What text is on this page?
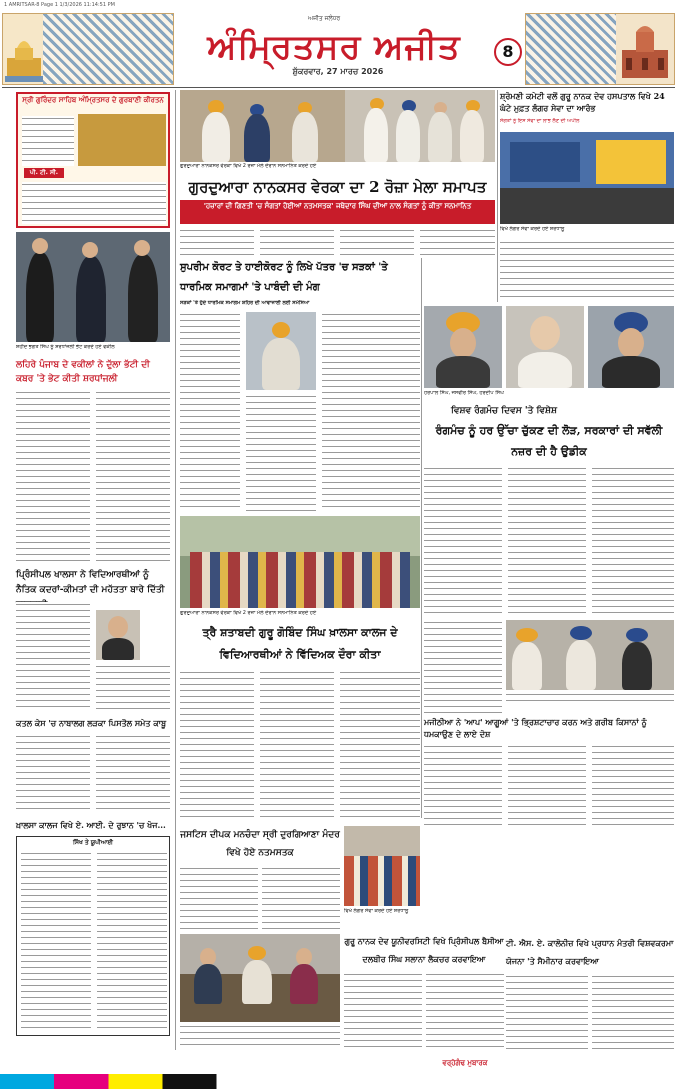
1 AMRITSAR-8 Page 1 1/3/2026 11:14:51 PM
ਅਜੀਤ ਜਲੰਧਰ
ਅੰਮ੍ਰਿਤਸਰ ਅਜੀਤ
ਸ਼ੁੱਕਰਵਾਰ, 27 ਮਾਰਚ 2026
8
ਸ੍ਰੀ ਗੁਰਿੰਦਰ ਸਾਹਿਬ ਅੰਮ੍ਰਿਤਸਰ ਦੇ ਗੁਰਬਾਣੀ ਕੀਰਤਨ
ਪੀ. ਟੀ. ਸੀ.
ਗੁਰਦੁਆਰਾ ਨਾਨਕਸਰ ਵੇਰਕਾ ਵਿਖੇ 2 ਰੋਜ਼ਾ ਮੇਲੇ ਦੌਰਾਨ ਸਨਮਾਨਿਤ ਕਰਦੇ ਹੋਏ
ਗੁਰਦੁਆਰਾ ਨਾਨਕਸਰ ਵੇਰਕਾ ਦਾ 2 ਰੋਜ਼ਾ ਮੇਲਾ ਸਮਾਪਤ
'ਹਜ਼ਾਰਾਂ ਦੀ ਗਿਣਤੀ 'ਚ ਸੰਗਤਾਂ ਹੋਈਆਂ ਨਤਮਸਤਕ' ਜਥੇਦਾਰ ਸਿੰਘ ਦੀਆਂ ਨਾਲ ਸੰਗਤਾਂ ਨੂੰ ਕੀਤਾ ਸਨਮਾਨਿਤ
ਸ਼੍ਰੋਮਣੀ ਕਮੇਟੀ ਵਲੋਂ ਗੁਰੂ ਨਾਨਕ ਦੇਵ ਹਸਪਤਾਲ ਵਿਖੇ 24 ਘੰਟੇ ਮੁਫ਼ਤ ਲੰਗਰ ਸੇਵਾ ਦਾ ਆਰੰਭ
ਸੰਗਤਾਂ ਨੂੰ ਇਸ ਸੇਵਾ ਦਾ ਲਾਭ ਲੈਣ ਦੀ ਅਪੀਲ
ਵਿਖੇ ਲੰਗਰ ਸੇਵਾ ਕਰਦੇ ਹੋਏ ਸ਼ਰਧਾਲੂ
ਸ਼ਹੀਦ ਭਗਤ ਸਿੰਘ ਨੂੰ ਸ਼ਰਧਾਂਜਲੀ ਭੇਟ ਕਰਦੇ ਹੋਏ ਵਕੀਲ
ਲਹਿਰੇ ਪੰਜਾਬ ਦੇ ਵਕੀਲਾਂ ਨੇ ਦੁੱਲਾ ਭੱਟੀ ਦੀ ਕਬਰ 'ਤੇ ਭੇਟ ਕੀਤੀ ਸ਼ਰਧਾਂਜਲੀ
ਸੁਪਰੀਮ ਕੋਰਟ ਤੇ ਹਾਈਕੋਰਟ ਨੂੰ ਲਿਖੇ ਪੱਤਰ 'ਚ ਸੜਕਾਂ 'ਤੇ ਧਾਰਮਿਕ ਸਮਾਗਮਾਂ 'ਤੇ ਪਾਬੰਦੀ ਦੀ ਮੰਗ
ਸੜਕਾਂ 'ਤੇ ਹੁੰਦੇ ਧਾਰਮਿਕ ਸਮਾਗਮ ਸ਼ਹਿਰ ਦੀ ਆਵਾਜਾਈ ਲਈ ਸਮੱਸਿਆ
ਹਰਪਾਲ ਸਿੰਘ, ਜਸਵੀਰ ਸਿੰਘ, ਹਰਦੀਪ ਸਿੰਘ
ਵਿਸ਼ਵ ਰੰਗਮੰਚ ਦਿਵਸ 'ਤੇ ਵਿਸ਼ੇਸ਼
ਰੰਗਮੰਚ ਨੂੰ ਹਰ ਉੱਚਾ ਚੁੱਕਣ ਦੀ ਲੋੜ, ਸਰਕਾਰਾਂ ਦੀ ਸਵੱਲੀ ਨਜ਼ਰ ਦੀ ਹੈ ਉਡੀਕ
ਪ੍ਰਿੰਸੀਪਲ ਖਾਲਸਾ ਨੇ ਵਿਦਿਆਰਥੀਆਂ ਨੂੰ ਨੈਤਿਕ ਕਦਰਾਂ-ਕੀਮਤਾਂ ਦੀ ਮਹੱਤਤਾ ਬਾਰੇ ਦਿੱਤੀ
ਗੁਰਦੁਆਰਾ ਨਾਨਕਸਰ ਵੇਰਕਾ ਵਿਖੇ 2 ਰੋਜ਼ਾ ਮੇਲੇ ਦੌਰਾਨ ਸਨਮਾਨਿਤ ਕਰਦੇ ਹੋਏ
ਤ੍ਰੈ ਸ਼ਤਾਬਦੀ ਗੁਰੂ ਗੋਬਿੰਦ ਸਿੰਘ ਖ਼ਾਲਸਾ ਕਾਲਜ ਦੇ ਵਿਦਿਆਰਥੀਆਂ ਨੇ ਵਿੱਦਿਅਕ ਦੌਰਾ ਕੀਤਾ
ਮਜੀਠੀਆ ਨੇ 'ਆਪ' ਆਗੂਆਂ 'ਤੇ ਭ੍ਰਿਸ਼ਟਾਚਾਰ ਕਰਨ ਅਤੇ ਗਰੀਬ ਕਿਸਾਨਾਂ ਨੂੰ ਧਮਕਾਉਣ ਦੇ ਲਾਏ ਦੋਸ਼
ਕਤਲ ਕੇਸ 'ਚ ਨਾਬਾਲਗ ਲੜਕਾ ਪਿਸਤੌਲ ਸਮੇਤ ਕਾਬੂ
ਜਸਟਿਸ ਦੀਪਕ ਮਨਚੰਦਾ ਸ੍ਰੀ ਦੁਰਗਿਆਣਾ ਮੰਦਰ ਵਿਖੇ ਹੋਏ ਨਤਮਸਤਕ
ਵਿਖੇ ਲੰਗਰ ਸੇਵਾ ਕਰਦੇ ਹੋਏ ਸ਼ਰਧਾਲੂ
ਗੁਰੂ ਨਾਨਕ ਦੇਵ ਯੂਨੀਵਰਸਿਟੀ ਵਿਖੇ ਪ੍ਰਿੰਸੀਪਲ ਬੈਸੀਆ ਦਲਬੀਰ ਸਿੰਘ ਸਲਾਨਾ ਲੈਕਚਰ ਕਰਵਾਇਆ
ਟੀ. ਐਸ. ਏ. ਕਾਲੋਨੀਜ਼ ਵਿਖੇ ਪ੍ਰਧਾਨ ਮੰਤਰੀ ਵਿਸ਼ਵਕਰਮਾ ਯੋਜਨਾ 'ਤੇ ਸੈਮੀਨਾਰ ਕਰਵਾਇਆ
ਖ਼ਾਲਸਾ ਕਾਲਜ ਵਿਖੇ ਏ. ਆਈ. ਦੇ ਰੁਝਾਨ 'ਚ ਖੋਜ...
ਸਿੱਖ ਤੇ ਯੂਪੀਆਈ
ਵਰ੍ਹੇਗੰਢ ਮੁਬਾਰਕ
